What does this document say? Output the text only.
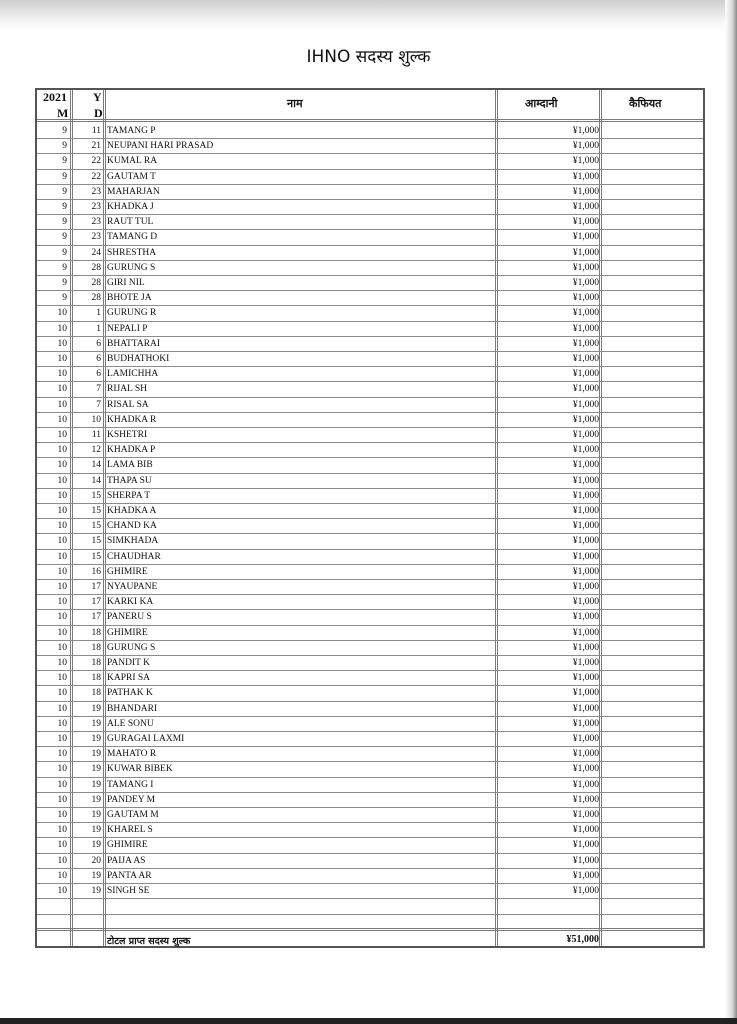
IHNO सदस्य शुल्क
2021
M
Y
D
नाम	आम्दानी	कैफियत
9	11 TAMANG P	¥1,000
9	21 NEUPANI HARI PRASAD	¥1,000
9	22 KUMAL RA	¥1,000
9	22 GAUTAM T	¥1,000
9	23 MAHARJAN	¥1,000
9	23 KHADKA J	¥1,000
9	23 RAUT TUL	¥1,000
9	23 TAMANG D	¥1,000
9	24 SHRESTHA	¥1,000
9	28 GURUNG S	¥1,000
9	28 GIRI NIL	¥1,000
9	28 BHOTE JA	¥1,000
10	1 GURUNG R	¥1,000
10	1 NEPALI P	¥1,000
10	6 BHATTARAI	¥1,000
10	6 BUDHATHOKI	¥1,000
10	6 LAMICHHA	¥1,000
10	7 RIJAL SH	¥1,000
10	7 RISAL SA	¥1,000
10	10 KHADKA R	¥1,000
10	11 KSHETRI	¥1,000
10	12 KHADKA P	¥1,000
10	14 LAMA BIB	¥1,000
10	14 THAPA SU	¥1,000
10	15 SHERPA T	¥1,000
10	15 KHADKA A	¥1,000
10	15 CHAND KA	¥1,000
10	15 SIMKHADA	¥1,000
10	15 CHAUDHAR	¥1,000
10	16 GHIMIRE	¥1,000
10	17 NYAUPANE	¥1,000
10	17 KARKI KA	¥1,000
10	17 PANERU S	¥1,000
10	18 GHIMIRE	¥1,000
10	18 GURUNG S	¥1,000
10	18 PANDIT K	¥1,000
10	18 KAPRI SA	¥1,000
10	18 PATHAK K	¥1,000
10	19 BHANDARI	¥1,000
10	19 ALE SONU	¥1,000
10	19 GURAGAI LAXMI	¥1,000
10	19 MAHATO R	¥1,000
10	19 KUWAR BIBEK	¥1,000
10	19 TAMANG I	¥1,000
10	19 PANDEY M	¥1,000
10	19 GAUTAM M	¥1,000
10	19 KHAREL S	¥1,000
10	19 GHIMIRE	¥1,000
10	20 PAIJA AS	¥1,000
10	19 PANTA AR	¥1,000
10	19 SINGH SE	¥1,000
टोटल प्राप्त सदस्य शुल्क	¥51,000
